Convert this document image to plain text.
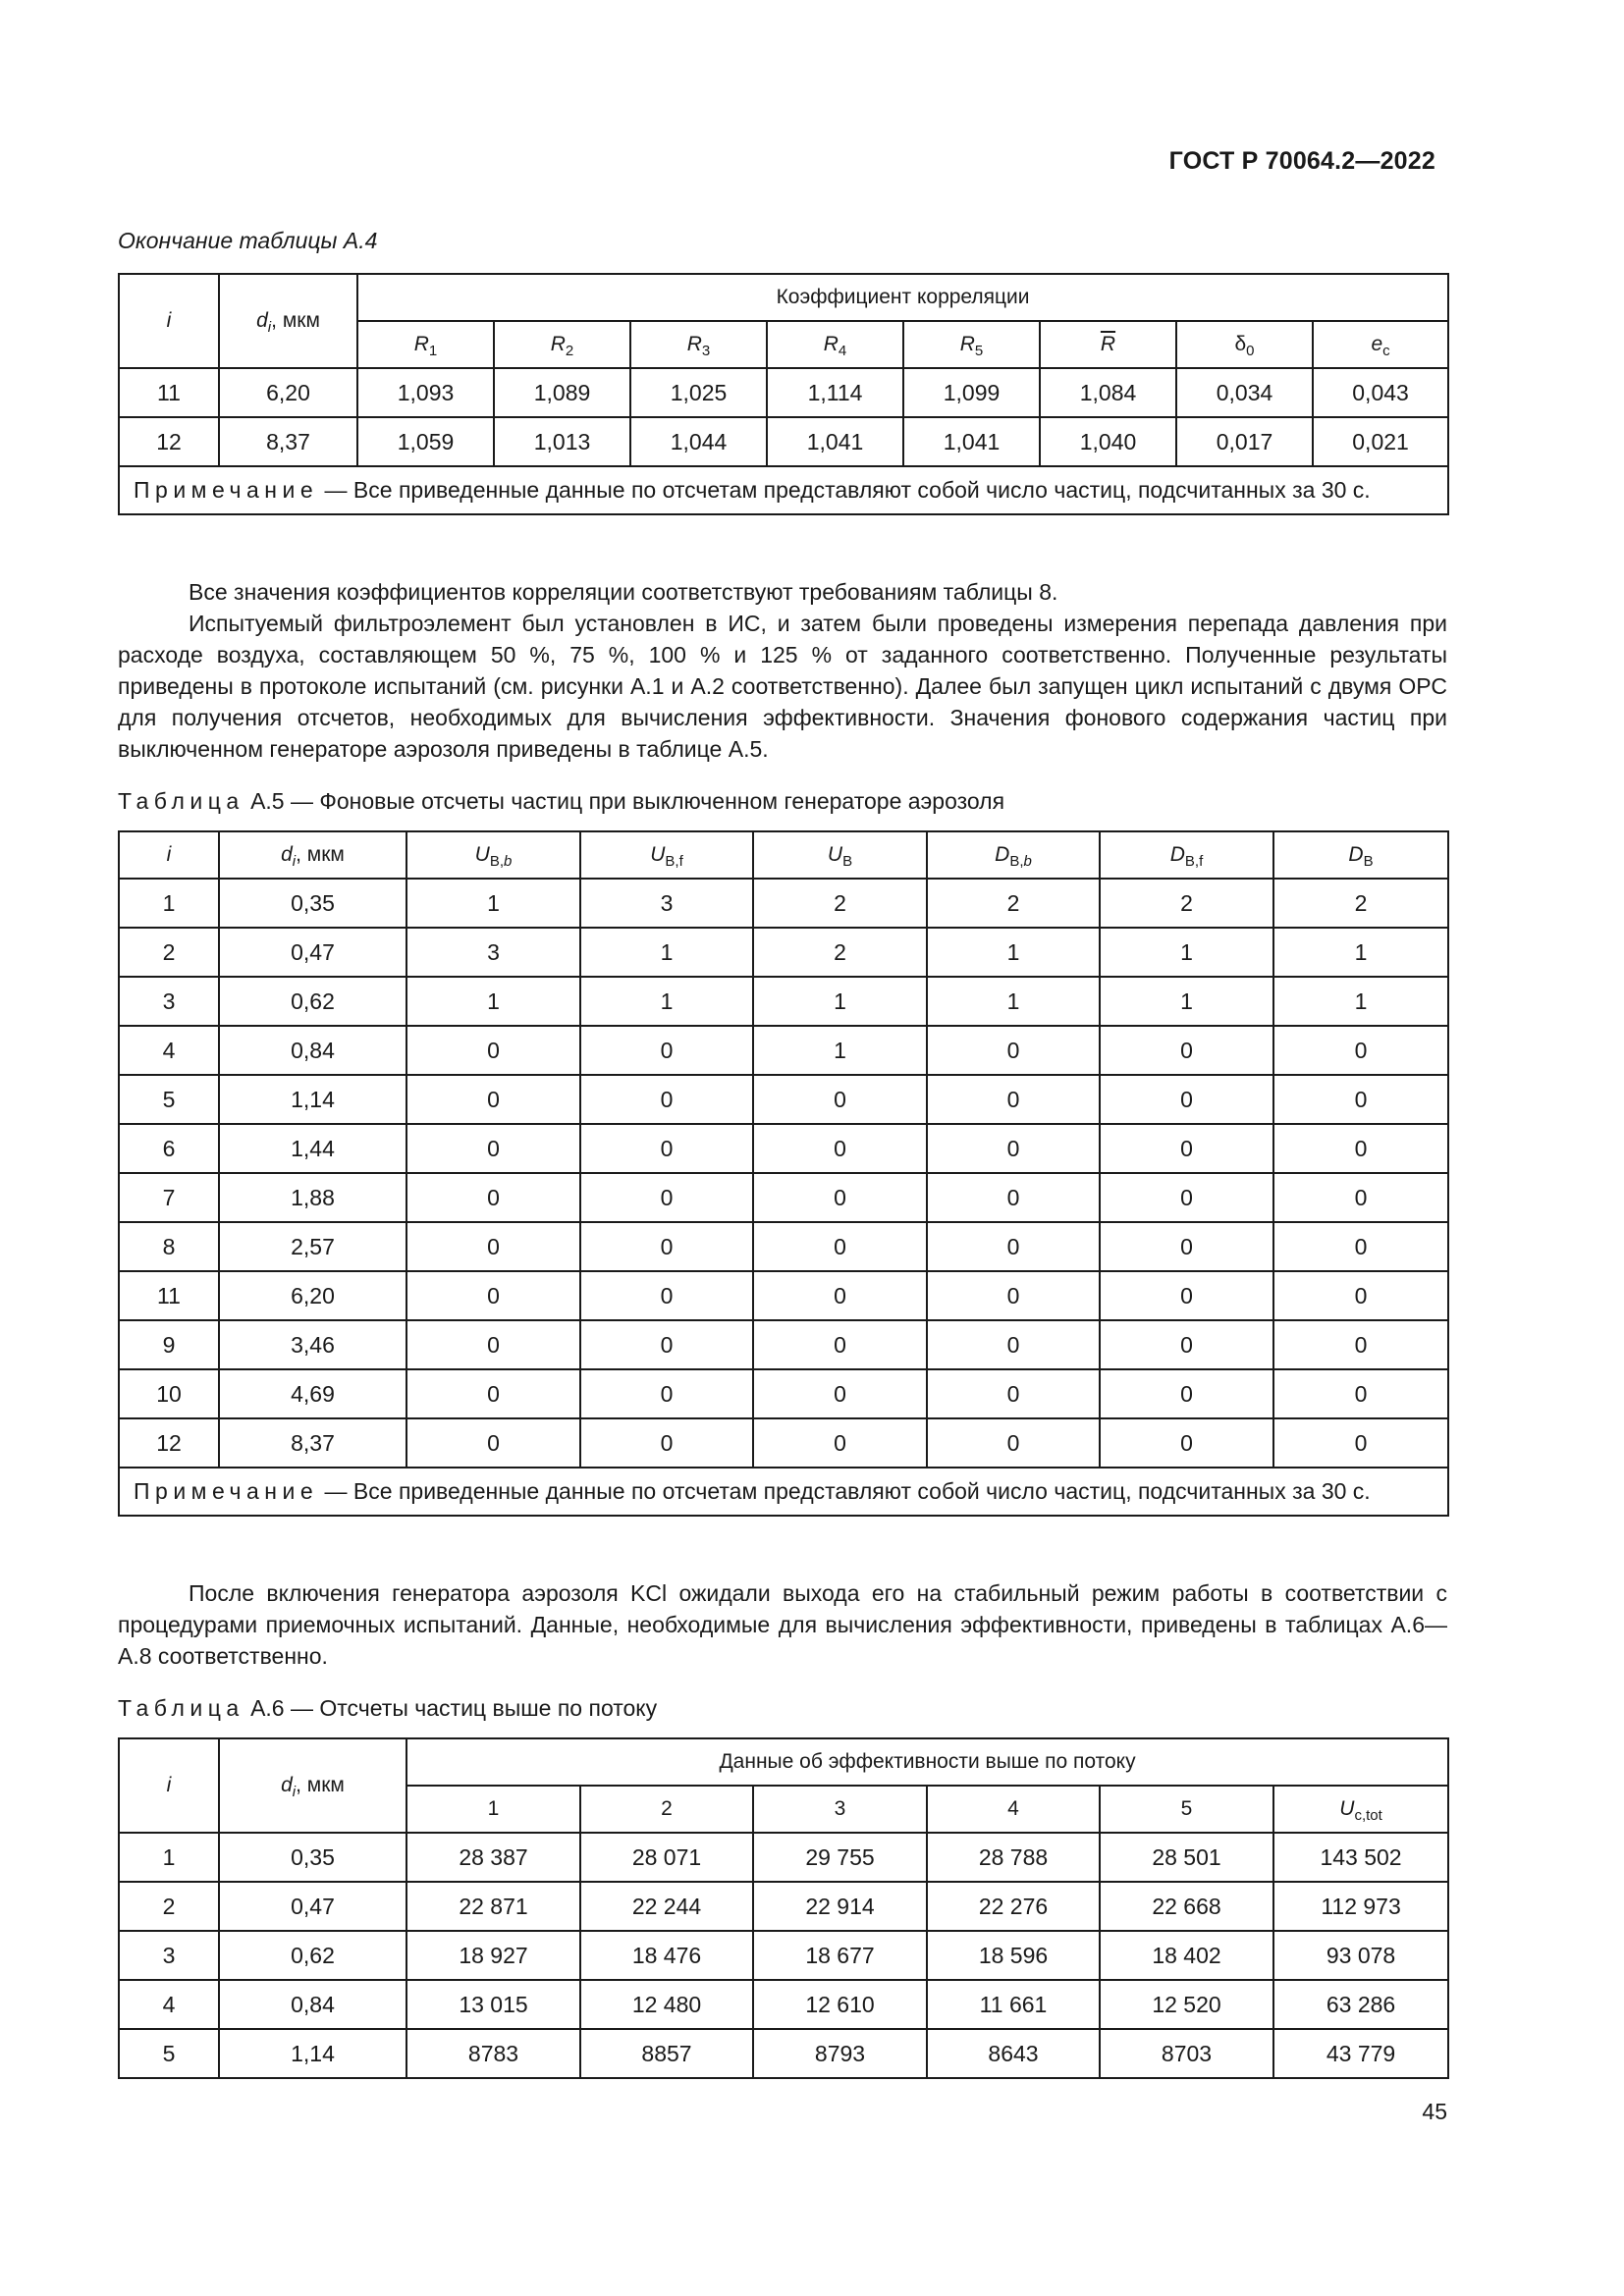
ГОСТ Р 70064.2—2022
Окончание таблицы А.4
i	$d_i$, мкм	Коэффициент корреляции							
		$R_1$	$R_2$	$R_3$	$R_4$	$R_5$	$\overline{R}$	$\delta_0$	$e_c$
11	6,20	1,093	1,089	1,025	1,114	1,099	1,084	0,034	0,043
12	8,37	1,059	1,013	1,044	1,041	1,041	1,040	0,017	0,021
Примечание — Все приведенные данные по отсчетам представляют собой число частиц, подсчитанных за 30 с.									

Все значения коэффициентов корреляции соответствуют требованиям таблицы 8.

Испытуемый фильтроэлемент был установлен в ИС, и затем были проведены измерения перепада давления при расходе воздуха, составляющем 50 %, 75 %, 100 % и 125 % от заданного соответственно. Полученные результаты приведены в протоколе испытаний (см. рисунки А.1 и А.2 соответственно). Далее был запущен цикл испытаний с двумя ОРС для получения отсчетов, необходимых для вычисления эффективности. Значения фонового содержания частиц при выключенном генераторе аэрозоля приведены в таблице А.5.

Таблица А.5 — Фоновые отсчеты частиц при выключенном генераторе аэрозоля
i	$d_i$, мкм	$U_{B,b}$	$U_{B,f}$	$U_B$	$D_{B,b}$	$D_{B,f}$	$D_B$
1	0,35	1	3	2	2	2	2
2	0,47	3	1	2	1	1	1
3	0,62	1	1	1	1	1	1
4	0,84	0	0	1	0	0	0
5	1,14	0	0	0	0	0	0
6	1,44	0	0	0	0	0	0
7	1,88	0	0	0	0	0	0
8	2,57	0	0	0	0	0	0
11	6,20	0	0	0	0	0	0
9	3,46	0	0	0	0	0	0
10	4,69	0	0	0	0	0	0
12	8,37	0	0	0	0	0	0
Примечание — Все приведенные данные по отсчетам представляют собой число частиц, подсчитанных за 30 с.							

После включения генератора аэрозоля KCl ожидали выхода его на стабильный режим работы в соответствии с процедурами приемочных испытаний. Данные, необходимые для вычисления эффективности, приведены в таблицах А.6—А.8 соответственно.

Таблица А.6 — Отсчеты частиц выше по потоку
i	$d_i$, мкм	Данные об эффективности выше по потоку					
		1	2	3	4	5	$U_{c,tot}$
1	0,35	28 387	28 071	29 755	28 788	28 501	143 502
2	0,47	22 871	22 244	22 914	22 276	22 668	112 973
3	0,62	18 927	18 476	18 677	18 596	18 402	93 078
4	0,84	13 015	12 480	12 610	11 661	12 520	63 286
5	1,14	8783	8857	8793	8643	8703	43 779
45
